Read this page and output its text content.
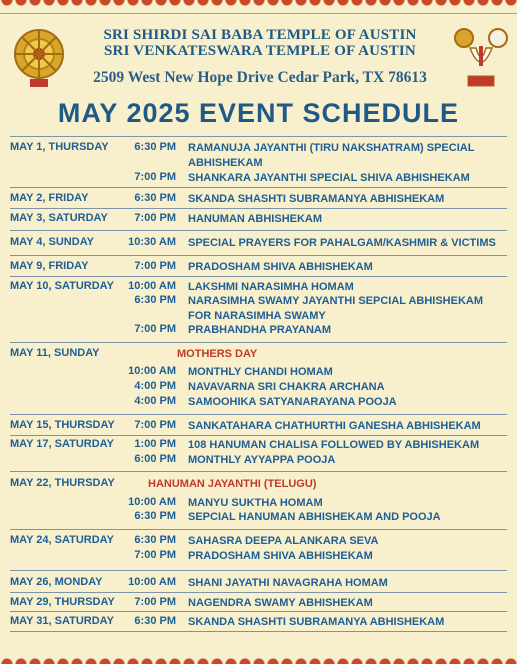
SRI SHIRDI SAI BABA TEMPLE OF AUSTIN
SRI VENKATESWARA TEMPLE OF AUSTIN
2509 West New Hope Drive Cedar Park, TX 78613
MAY 2025 EVENT SCHEDULE
MAY 1, THURSDAY	6:30 PM RAMANUJA JAYANTHI (TIRU NAKSHATRAM) SPECIAL ABHISHEKAM
7:00 PM SHANKARA JAYANTHI SPECIAL SHIVA ABHISHEKAM
MAY 2, FRIDAY	6:30 PM SKANDA SHASHTI SUBRAMANYA ABHISHEKAM
MAY 3, SATURDAY	7:00 PM HANUMAN ABHISHEKAM
MAY 4, SUNDAY	10:30 AM SPECIAL PRAYERS FOR PAHALGAM/KASHMIR & VICTIMS
MAY 9, FRIDAY	7:00 PM PRADOSHAM SHIVA ABHISHEKAM
MAY 10, SATURDAY	10:00 AM LAKSHMI NARASIMHA HOMAM
6:30 PM NARASIMHA SWAMY JAYANTHI SEPCIAL ABHISHEKAM FOR NARASIMHA SWAMY
7:00 PM PRABHANDHA PRAYANAM
MAY 11, SUNDAY	MOTHERS DAY
10:00 AM MONTHLY CHANDI HOMAM
4:00 PM NAVAVARNA SRI CHAKRA ARCHANA
4:00 PM SAMOOHIKA SATYANARAYANA POOJA
MAY 15, THURSDAY	7:00 PM SANKATAHARA CHATHURTHI GANESHA ABHISHEKAM
MAY 17, SATURDAY	1:00 PM 108 HANUMAN CHALISA FOLLOWED BY ABHISHEKAM
6:00 PM MONTHLY AYYAPPA POOJA
MAY 22, THURSDAY	HANUMAN JAYANTHI (TELUGU)
10:00 AM MANYU SUKTHA HOMAM
6:30 PM SEPCIAL HANUMAN ABHISHEKAM AND POOJA
MAY 24, SATURDAY	6:30 PM SAHASRA DEEPA ALANKARA SEVA
7:00 PM PRADOSHAM SHIVA ABHISHEKAM
MAY 26, MONDAY	10:00 AM SHANI JAYATHI NAVAGRAHA HOMAM
MAY 29, THURSDAY	7:00 PM NAGENDRA SWAMY ABHISHEKAM
MAY 31, SATURDAY	6:30 PM SKANDA SHASHTI SUBRAMANYA ABHISHEKAM
